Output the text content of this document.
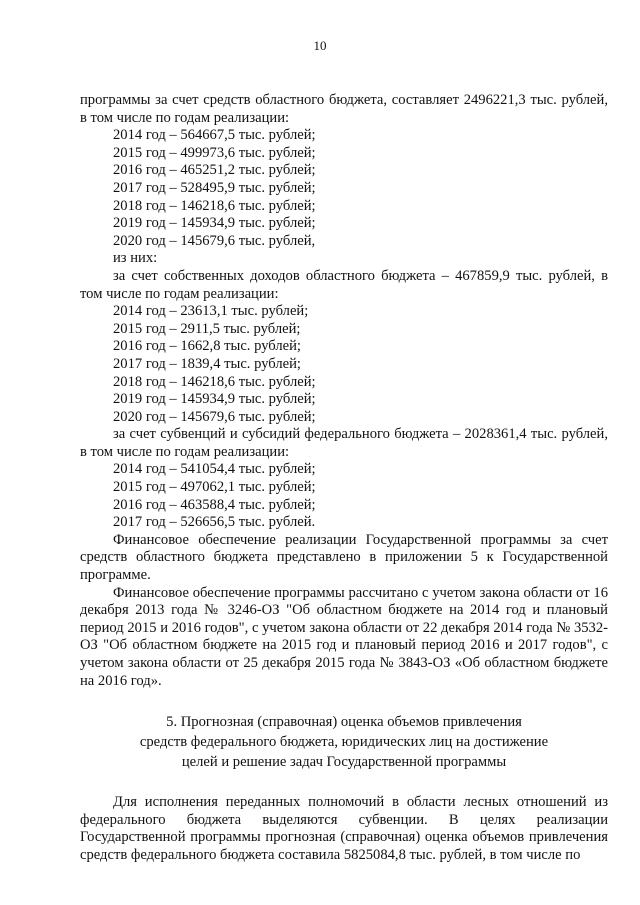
10

программы за счет средств областного бюджета, составляет 2496221,3 тыс. рублей, в том числе по годам реализации:

2014 год – 564667,5 тыс. рублей;

2015 год – 499973,6 тыс. рублей;

2016 год – 465251,2 тыс. рублей;

2017 год – 528495,9 тыс. рублей;

2018 год – 146218,6 тыс. рублей;

2019 год – 145934,9 тыс. рублей;

2020 год – 145679,6 тыс. рублей,

из них:

за счет собственных доходов областного бюджета – 467859,9 тыс. рублей, в том числе по годам реализации:

2014 год – 23613,1 тыс. рублей;

2015 год – 2911,5 тыс. рублей;

2016 год – 1662,8 тыс. рублей;

2017 год – 1839,4 тыс. рублей;

2018 год – 146218,6 тыс. рублей;

2019 год – 145934,9 тыс. рублей;

2020 год – 145679,6 тыс. рублей;

за счет субвенций и субсидий федерального бюджета – 2028361,4 тыс. рублей, в том числе по годам реализации:

2014 год – 541054,4 тыс. рублей;

2015 год – 497062,1 тыс. рублей;

2016 год – 463588,4 тыс. рублей;

2017 год – 526656,5 тыс. рублей.

Финансовое обеспечение реализации Государственной программы за счет средств областного бюджета представлено в приложении 5 к Государственной программе.

Финансовое обеспечение программы рассчитано с учетом закона области от 16 декабря 2013 года № 3246-ОЗ "Об областном бюджете на 2014 год и плановый период 2015 и 2016 годов", с учетом закона области от 22 декабря 2014 года № 3532-ОЗ "Об областном бюджете на 2015 год и плановый период 2016 и 2017 годов", с учетом закона области от 25 декабря 2015 года № 3843-ОЗ «Об областном бюджете на 2016 год».

5. Прогнозная (справочная) оценка объемов привлечения
средств федерального бюджета, юридических лиц на достижение
целей и решение задач Государственной программы

Для исполнения переданных полномочий в области лесных отношений из федерального бюджета выделяются субвенции. В целях реализации Государственной программы прогнозная (справочная) оценка объемов привлечения средств федерального бюджета составила 5825084,8 тыс. рублей, в том числе по
